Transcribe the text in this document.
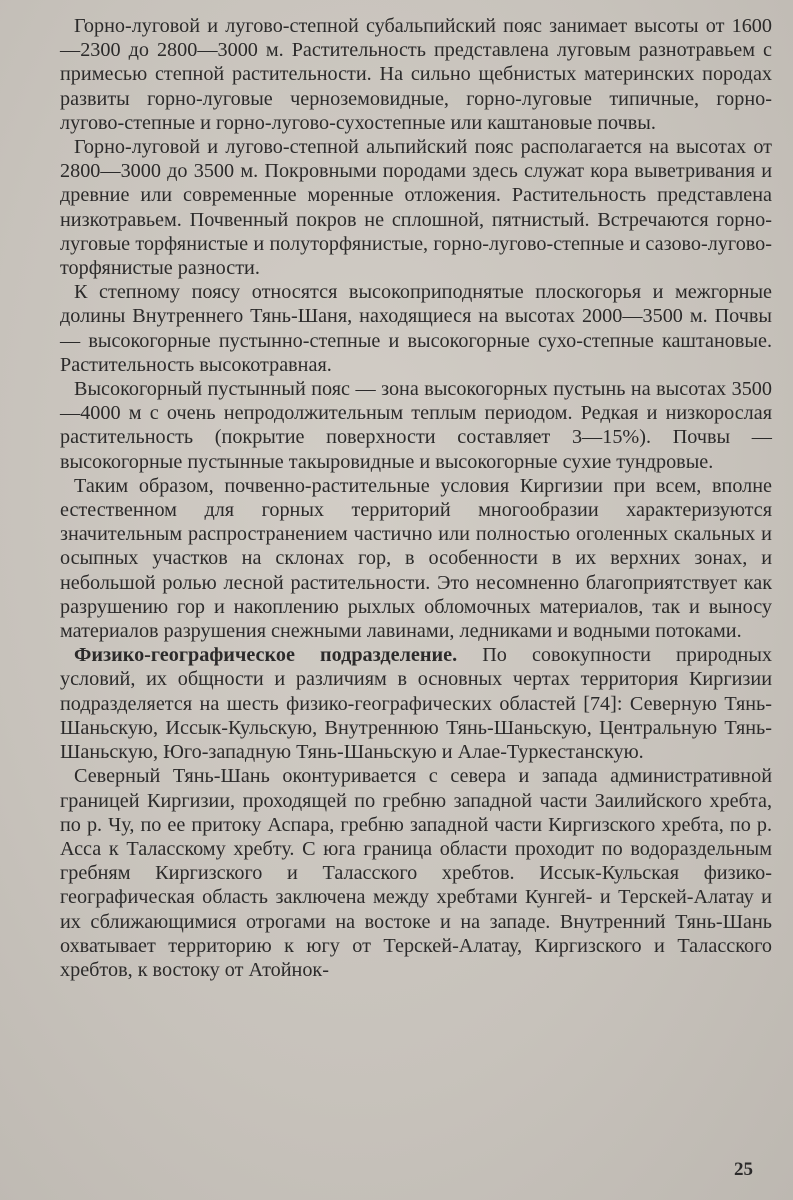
Горно-луговой и лугово-степной субальпийский пояс занимает высоты от 1600—2300 до 2800—3000 м. Растительность представлена луговым разнотравьем с примесью степной растительности. На сильно щебнистых материнских породах развиты горно-луговые черноземовидные, горно-луговые типичные, горно-лугово-степные и горно-лугово-сухостепные или каштановые почвы.

Горно-луговой и лугово-степной альпийский пояс располагается на высотах от 2800—3000 до 3500 м. Покровными породами здесь служат кора выветривания и древние или современные моренные отложения. Растительность представлена низкотравьем. Почвенный покров не сплошной, пятнистый. Встречаются горно-луговые торфянистые и полуторфянистые, горно-лугово-степные и сазово-лугово-торфянистые разности.

К степному поясу относятся высокоприподнятые плоскогорья и межгорные долины Внутреннего Тянь-Шаня, находящиеся на высотах 2000—3500 м. Почвы — высокогорные пустынно-степные и высокогорные сухо-степные каштановые. Растительность высокотравная.

Высокогорный пустынный пояс — зона высокогорных пустынь на высотах 3500—4000 м с очень непродолжительным теплым периодом. Редкая и низкорослая растительность (покрытие поверхности составляет 3—15%). Почвы — высокогорные пустынные такыровидные и высокогорные сухие тундровые.

Таким образом, почвенно-растительные условия Киргизии при всем, вполне естественном для горных территорий многообразии характеризуются значительным распространением частично или полностью оголенных скальных и осыпных участков на склонах гор, в особенности в их верхних зонах, и небольшой ролью лесной растительности. Это несомненно благоприятствует как разрушению гор и накоплению рыхлых обломочных материалов, так и выносу материалов разрушения снежными лавинами, ледниками и водными потоками.

Физико-географическое подразделение. По совокупности природных условий, их общности и различиям в основных чертах территория Киргизии подразделяется на шесть физико-географических областей [74]: Северную Тянь-Шаньскую, Иссык-Кульскую, Внутреннюю Тянь-Шаньскую, Центральную Тянь-Шаньскую, Юго-западную Тянь-Шаньскую и Алае-Туркестанскую.

Северный Тянь-Шань оконтуривается с севера и запада административной границей Киргизии, проходящей по гребню западной части Заилийского хребта, по р. Чу, по ее притоку Аспара, гребню западной части Киргизского хребта, по р. Асса к Таласскому хребту. С юга граница области проходит по водораздельным гребням Киргизского и Таласского хребтов. Иссык-Кульская физико-географическая область заключена между хребтами Кунгей- и Терскей-Алатау и их сближающимися отрогами на востоке и на западе. Внутренний Тянь-Шань охватывает территорию к югу от Терскей-Алатау, Киргизского и Таласского хребтов, к востоку от Атойнок-

25
